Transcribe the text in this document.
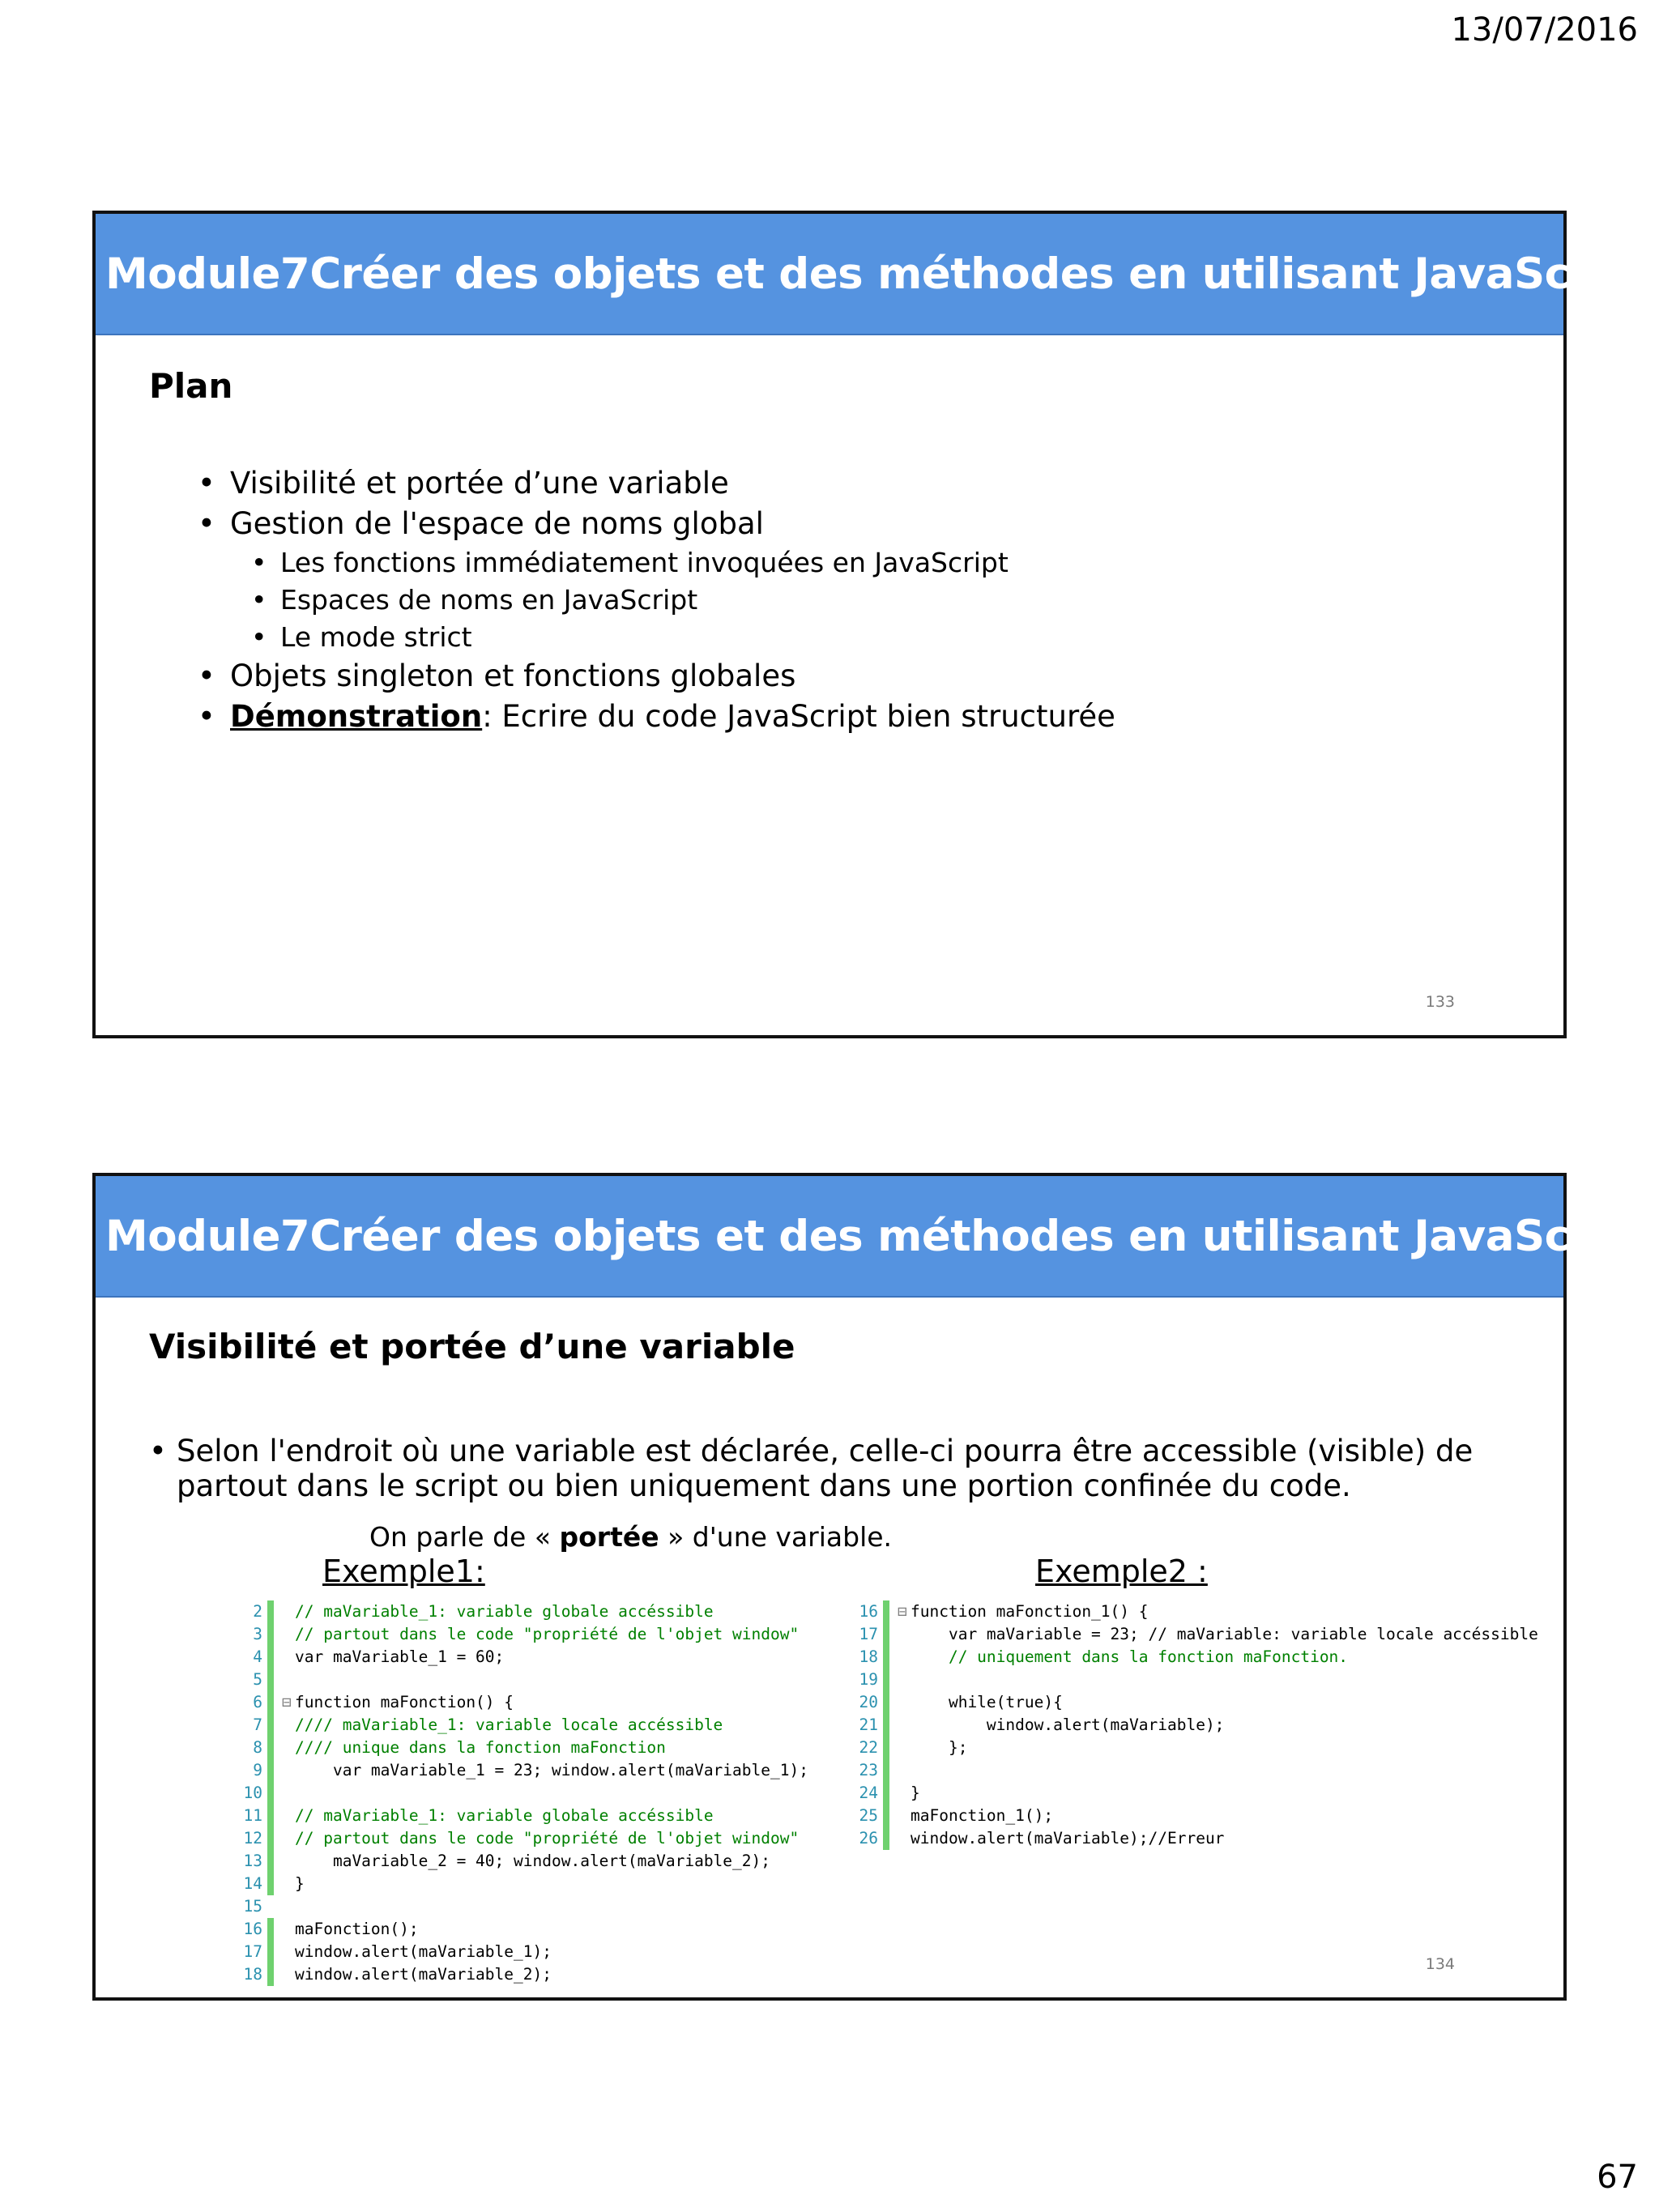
13/07/2016
Module7 Créer des objets et des méthodes en utilisant JavaScript
Plan
• Visibilité et portée d’une variable
• Gestion de l'espace de noms global
• Les fonctions immédiatement invoquées en JavaScript
• Espaces de noms en JavaScript
• Le mode strict
• Objets singleton et fonctions globales
• Démonstration: Ecrire du code JavaScript bien structurée
133
Module7 Créer des objets et des méthodes en utilisant JavaScript
Visibilité et portée d’une variable
• Selon l'endroit où une variable est déclarée, celle-ci pourra être accessible (visible) de partout dans le script ou bien uniquement dans une portion confinée du code.
On parle de « portée » d'une variable.
Exemple1:	Exemple2 :
2 // maVariable_1: variable globale accéssible
3 // partout dans le code "propriété de l'objet window"
4 var maVariable_1 = 60;
5
6 ⊟ function maFonction() {
7 //// maVariable_1: variable locale accéssible
8 //// unique dans la fonction maFonction
9 var maVariable_1 = 23; window.alert(maVariable_1);
10
11 // maVariable_1: variable globale accéssible
12 // partout dans le code "propriété de l'objet window"
13 maVariable_2 = 40; window.alert(maVariable_2);
14 }
15
16 maFonction();
17 window.alert(maVariable_1);
18 window.alert(maVariable_2);
16 ⊟ function maFonction_1() {
17 var maVariable = 23; // maVariable: variable locale accéssible
18 // uniquement dans la fonction maFonction.
19
20 while(true){
21 window.alert(maVariable);
22 };
23
24 }
25 maFonction_1();
26 window.alert(maVariable);//Erreur
134
67
